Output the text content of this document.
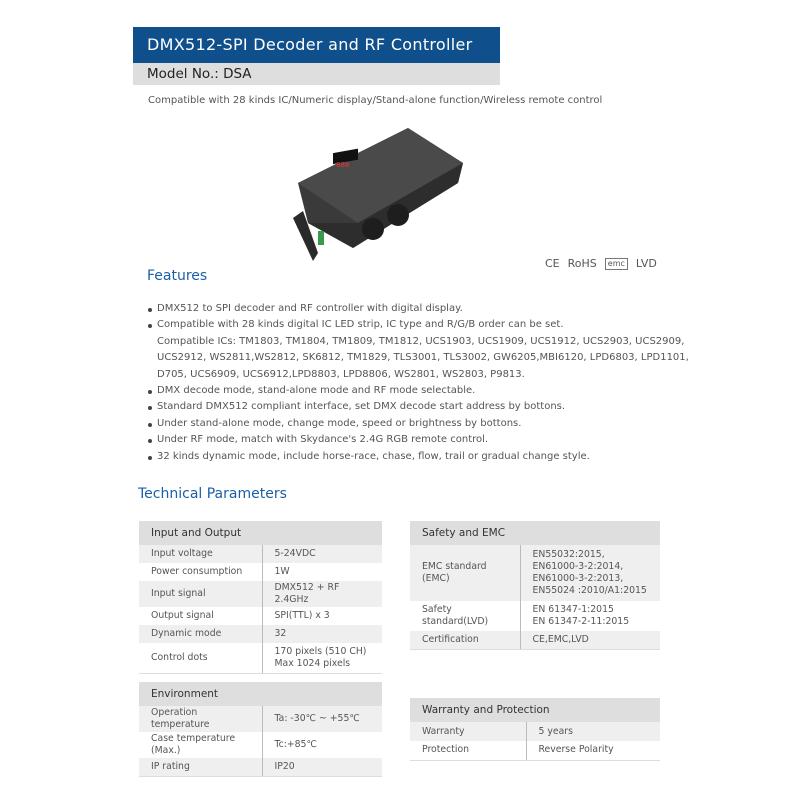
DMX512-SPI Decoder and RF Controller
Model No.: DSA
Compatible with 28 kinds IC/Numeric display/Stand-alone function/Wireless remote control
888
CE RoHS	emc LVD
Features
DMX512 to SPI decoder and RF controller with digital display.
Compatible with 28 kinds digital IC LED strip, IC type and R/G/B order can be set.
Compatible ICs: TM1803, TM1804, TM1809, TM1812, UCS1903, UCS1909, UCS1912, UCS2903, UCS2909,
UCS2912, WS2811,WS2812, SK6812, TM1829, TLS3001, TLS3002, GW6205,MBI6120, LPD6803, LPD1101,
D705, UCS6909, UCS6912,LPD8803, LPD8806, WS2801, WS2803, P9813.
DMX decode mode, stand-alone mode and RF mode selectable.
Standard DMX512 compliant interface, set DMX decode start address by bottons.
Under stand-alone mode, change mode, speed or brightness by bottons.
Under RF mode, match with Skydance's 2.4G RGB remote control.
32 kinds dynamic mode, include horse-race, chase, flow, trail or gradual change style.
Technical Parameters
Input and Output	
Input voltage	5-24VDC
Power consumption	1W
Input signal	DMX512 + RF 2.4GHz
Output signal	SPI(TTL) x 3
Dynamic mode	32
Control dots	170 pixels (510 CH)
Max 1024 pixels
Safety and EMC	
EMC standard (EMC)	EN55032:2015,
EN61000-3-2:2014,
EN61000-3-2:2013,
EN55024 :2010/A1:2015
Safety standard(LVD)	EN 61347-1:2015
EN 61347-2-11:2015
Certification	CE,EMC,LVD
Environment	
Operation temperature	Ta: -30℃ ~ +55℃
Case temperature (Max.)	Tc:+85℃
IP rating	IP20
Warranty and Protection	
Warranty	5 years
Protection	Reverse Polarity
